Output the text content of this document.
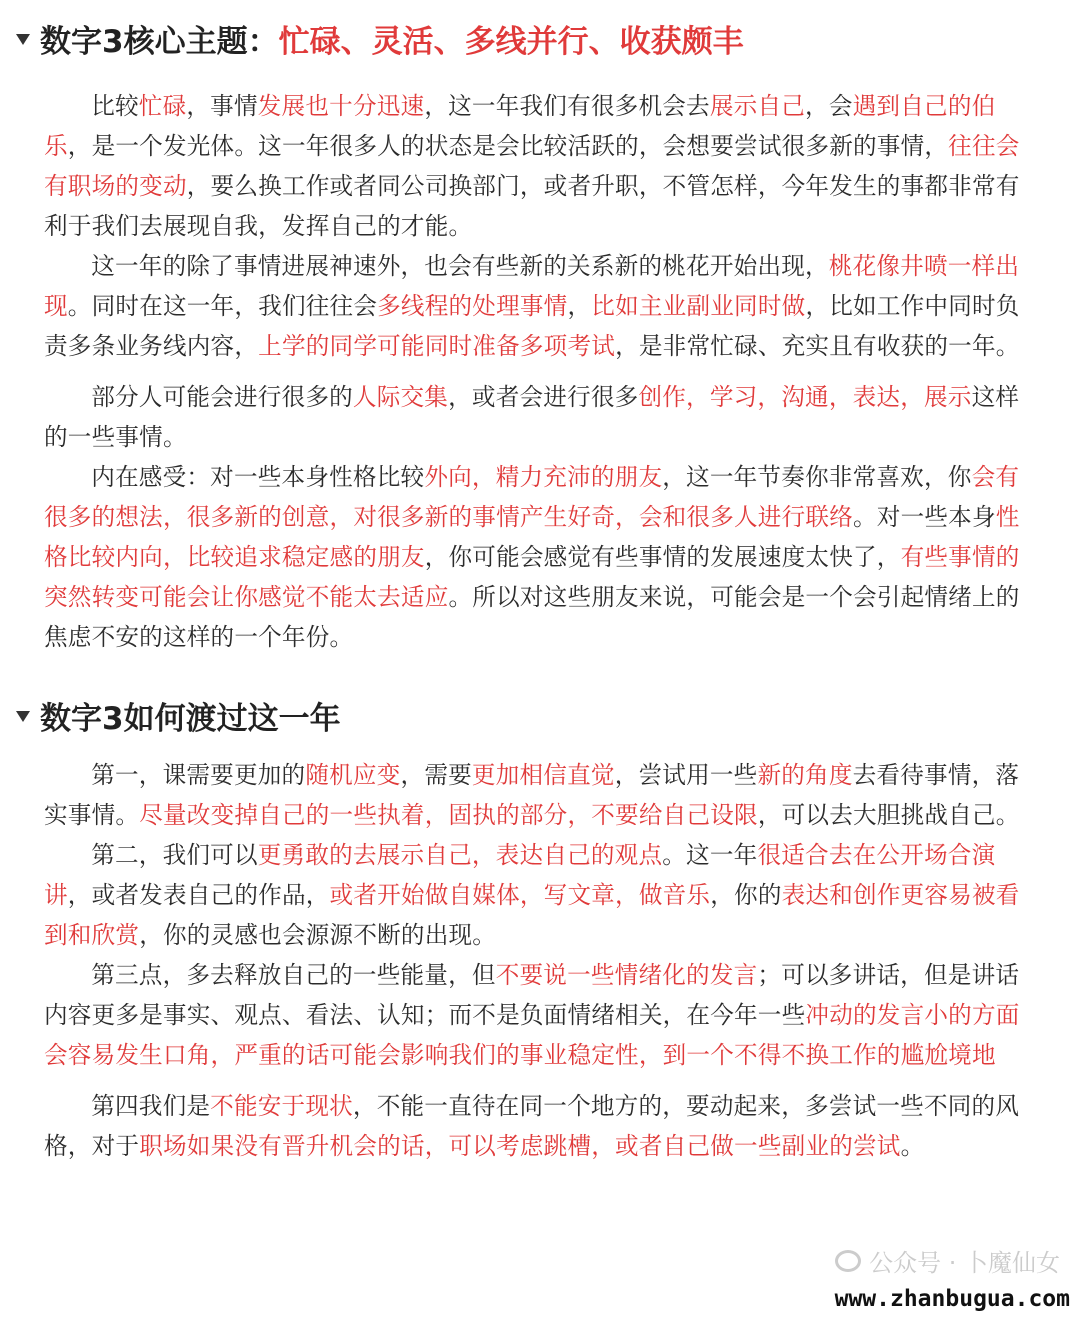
数字3核心主题：忙碌、灵活、多线并行、收获颇丰

比较忙碌，事情发展也十分迅速，这一年我们有很多机会去展示自己，会遇到自己的伯乐，是一个发光体。这一年很多人的状态是会比较活跃的，会想要尝试很多新的事情，往往会有职场的变动，要么换工作或者同公司换部门，或者升职，不管怎样，今年发生的事都非常有利于我们去展现自我，发挥自己的才能。

这一年的除了事情进展神速外，也会有些新的关系新的桃花开始出现，桃花像井喷一样出现。同时在这一年，我们往往会多线程的处理事情，比如主业副业同时做，比如工作中同时负责多条业务线内容，上学的同学可能同时准备多项考试，是非常忙碌、充实且有收获的一年。

部分人可能会进行很多的人际交集，或者会进行很多创作，学习，沟通，表达，展示这样的一些事情。

内在感受：对一些本身性格比较外向，精力充沛的朋友，这一年节奏你非常喜欢，你会有很多的想法，很多新的创意，对很多新的事情产生好奇，会和很多人进行联络。对一些本身性格比较内向，比较追求稳定感的朋友，你可能会感觉有些事情的发展速度太快了，有些事情的突然转变可能会让你感觉不能太去适应。所以对这些朋友来说，可能会是一个会引起情绪上的焦虑不安的这样的一个年份。

数字3如何渡过这一年

第一，课需要更加的随机应变，需要更加相信直觉，尝试用一些新的角度去看待事情，落实事情。尽量改变掉自己的一些执着，固执的部分，不要给自己设限，可以去大胆挑战自己。

第二，我们可以更勇敢的去展示自己，表达自己的观点。这一年很适合去在公开场合演讲，或者发表自己的作品，或者开始做自媒体，写文章，做音乐，你的表达和创作更容易被看到和欣赏，你的灵感也会源源不断的出现。

第三点，多去释放自己的一些能量，但不要说一些情绪化的发言；可以多讲话，但是讲话内容更多是事实、观点、看法、认知；而不是负面情绪相关，在今年一些冲动的发言小的方面会容易发生口角，严重的话可能会影响我们的事业稳定性，到一个不得不换工作的尴尬境地

第四我们是不能安于现状，不能一直待在同一个地方的，要动起来，多尝试一些不同的风格，对于职场如果没有晋升机会的话，可以考虑跳槽，或者自己做一些副业的尝试。

公众号 · 卜魔仙女
www.zhanbugua.com
